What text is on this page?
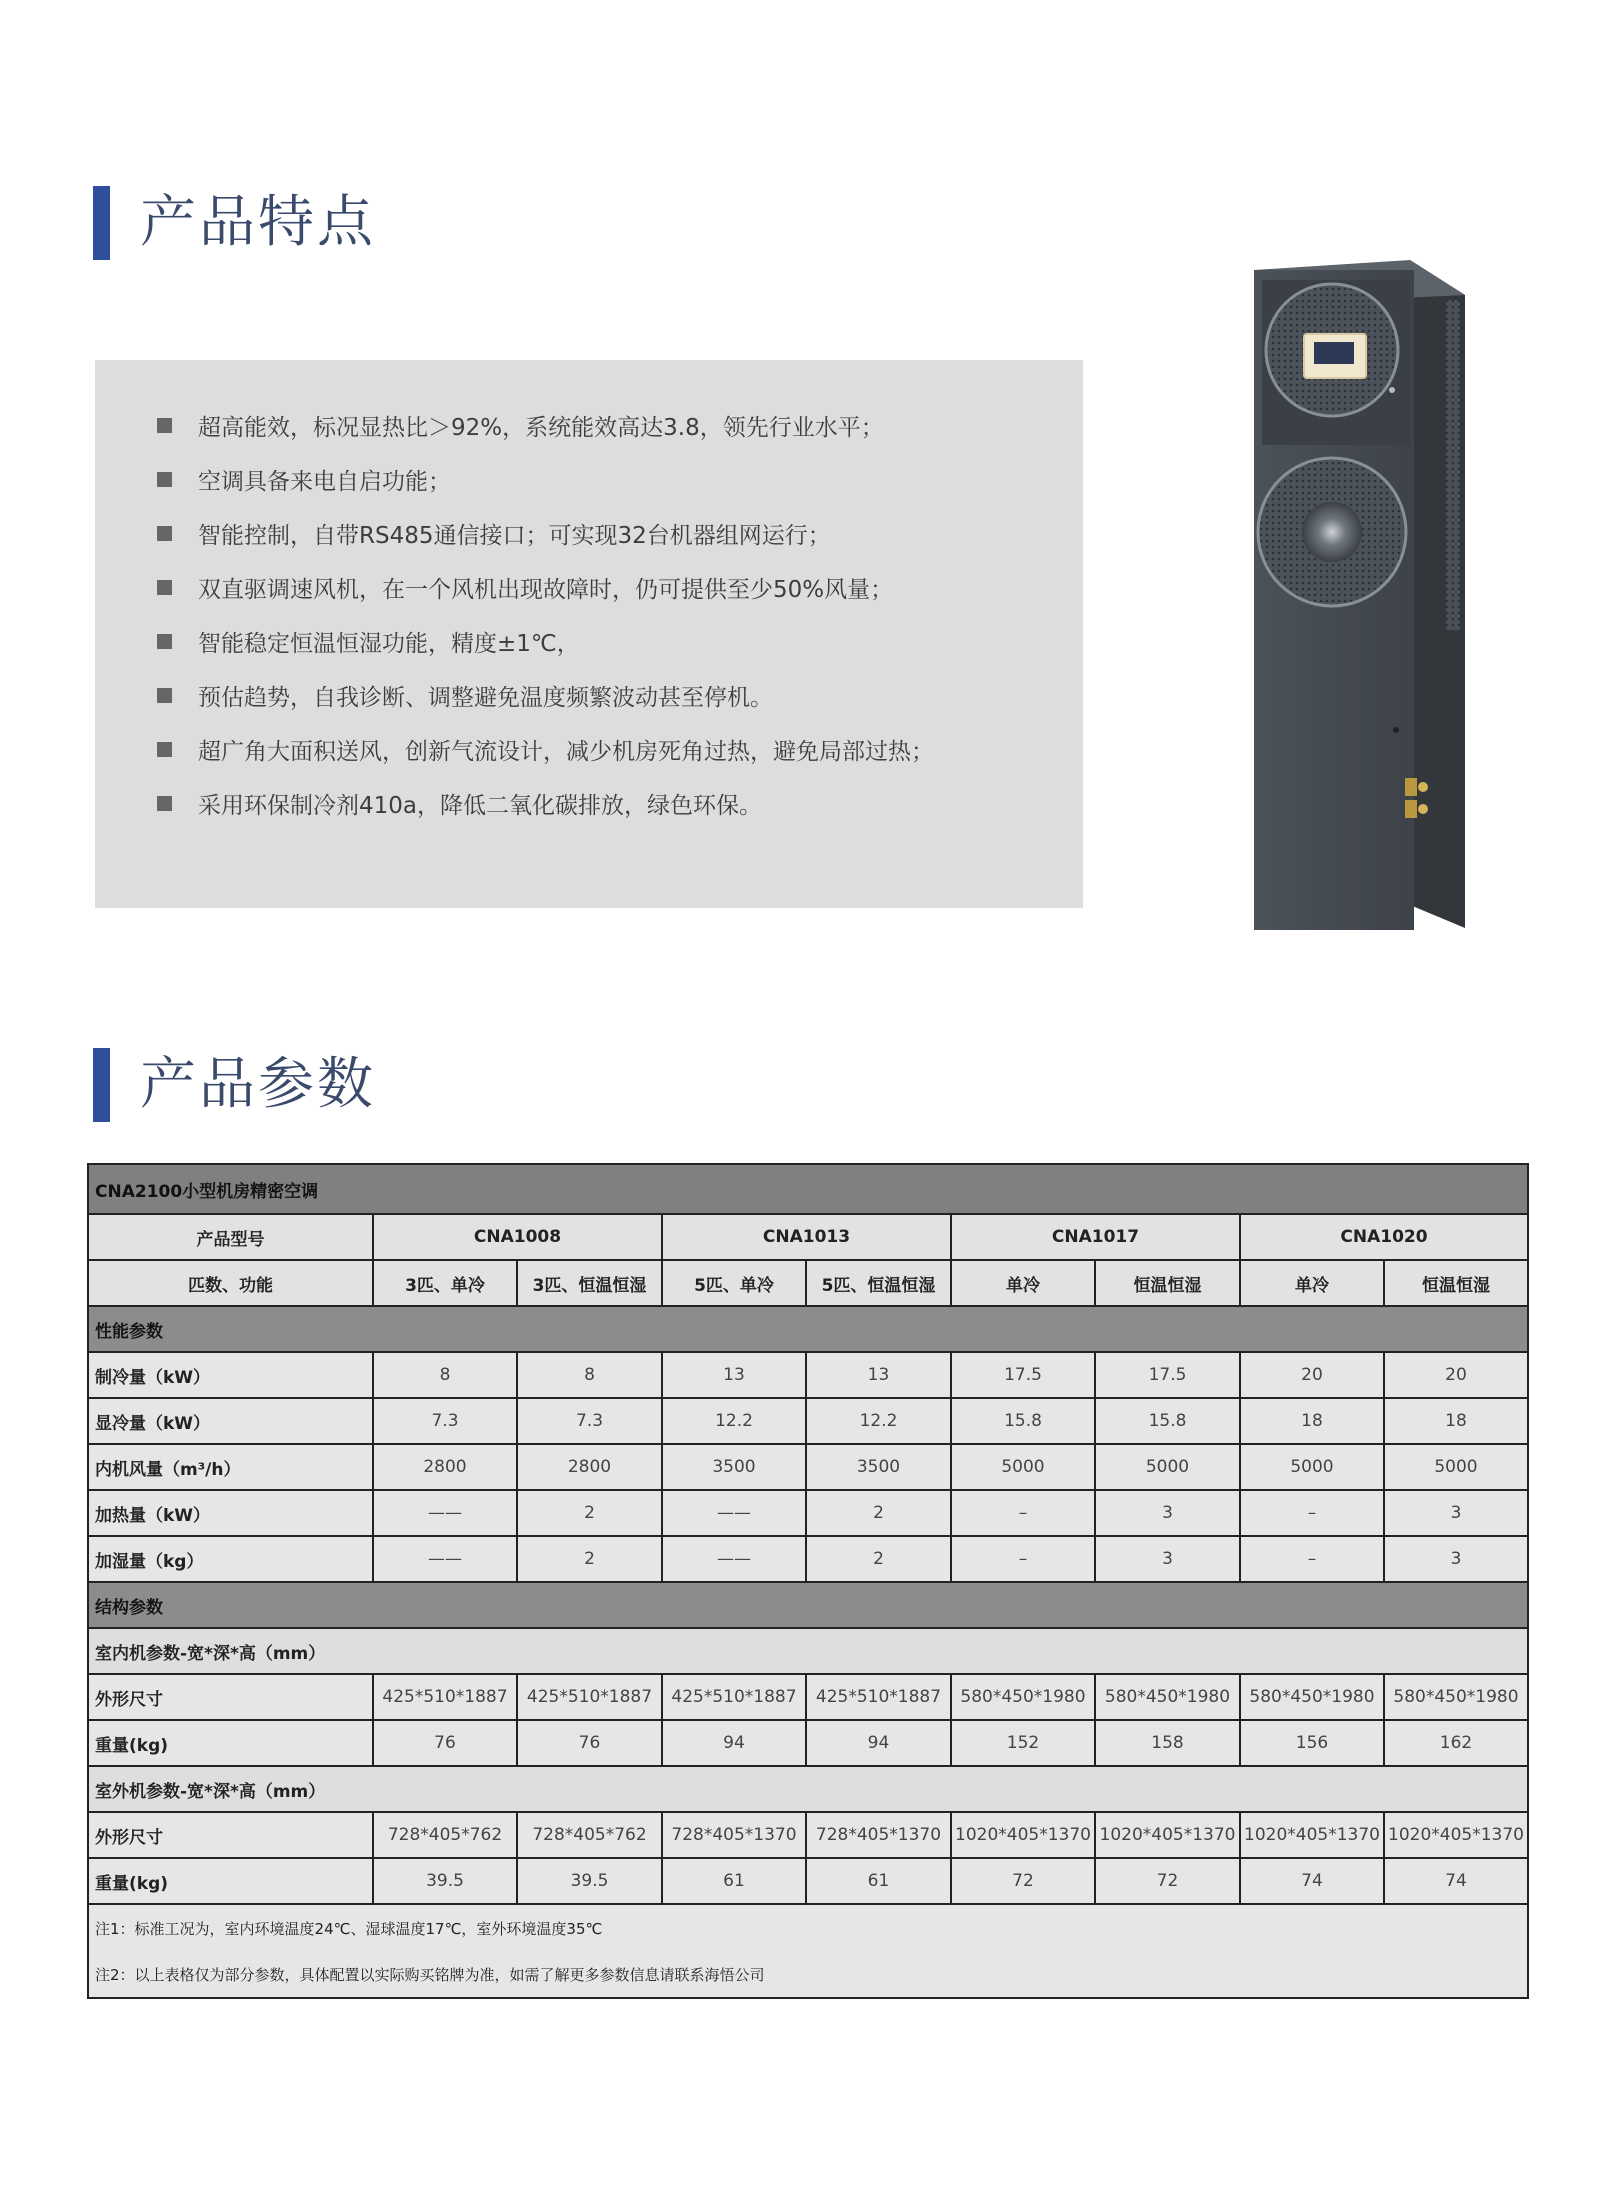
产品特点
超高能效，标况显热比＞92%，系统能效高达3.8，领先行业水平；
空调具备来电自启功能；
智能控制，自带RS485通信接口；可实现32台机器组网运行；
双直驱调速风机，在一个风机出现故障时，仍可提供至少50%风量；
智能稳定恒温恒湿功能，精度±1℃，
预估趋势，自我诊断、调整避免温度频繁波动甚至停机。
超广角大面积送风，创新气流设计，减少机房死角过热，避免局部过热；
采用环保制冷剂410a，降低二氧化碳排放，绿色环保。
产品参数
CNA2100小型机房精密空调								
产品型号	CNA1008		CNA1013		CNA1017		CNA1020	
匹数、功能	3匹、单冷	3匹、恒温恒湿	5匹、单冷	5匹、恒温恒湿	单冷	恒温恒湿	单冷	恒温恒湿
性能参数								
制冷量（kW）	8	8	13	13	17.5	17.5	20	20
显冷量（kW）	7.3	7.3	12.2	12.2	15.8	15.8	18	18
内机风量（m³/h）	2800	2800	3500	3500	5000	5000	5000	5000
加热量（kW）	——	2	——	2	–	3	–	3
加湿量（kg）	——	2	——	2	–	3	–	3
结构参数								
室内机参数-宽*深*高（mm）								
外形尺寸	425*510*1887	425*510*1887	425*510*1887	425*510*1887	580*450*1980	580*450*1980	580*450*1980	580*450*1980
重量(kg)	76	76	94	94	152	158	156	162
室外机参数-宽*深*高（mm）								
外形尺寸	728*405*762	728*405*762	728*405*1370	728*405*1370	1020*405*1370	1020*405*1370	1020*405*1370	1020*405*1370
重量(kg)	39.5	39.5	61	61	72	72	74	74
注1：标准工况为，室内环境温度24℃、湿球温度17℃，室外环境温度35℃								
注2：以上表格仅为部分参数，具体配置以实际购买铭牌为准，如需了解更多参数信息请联系海悟公司								
